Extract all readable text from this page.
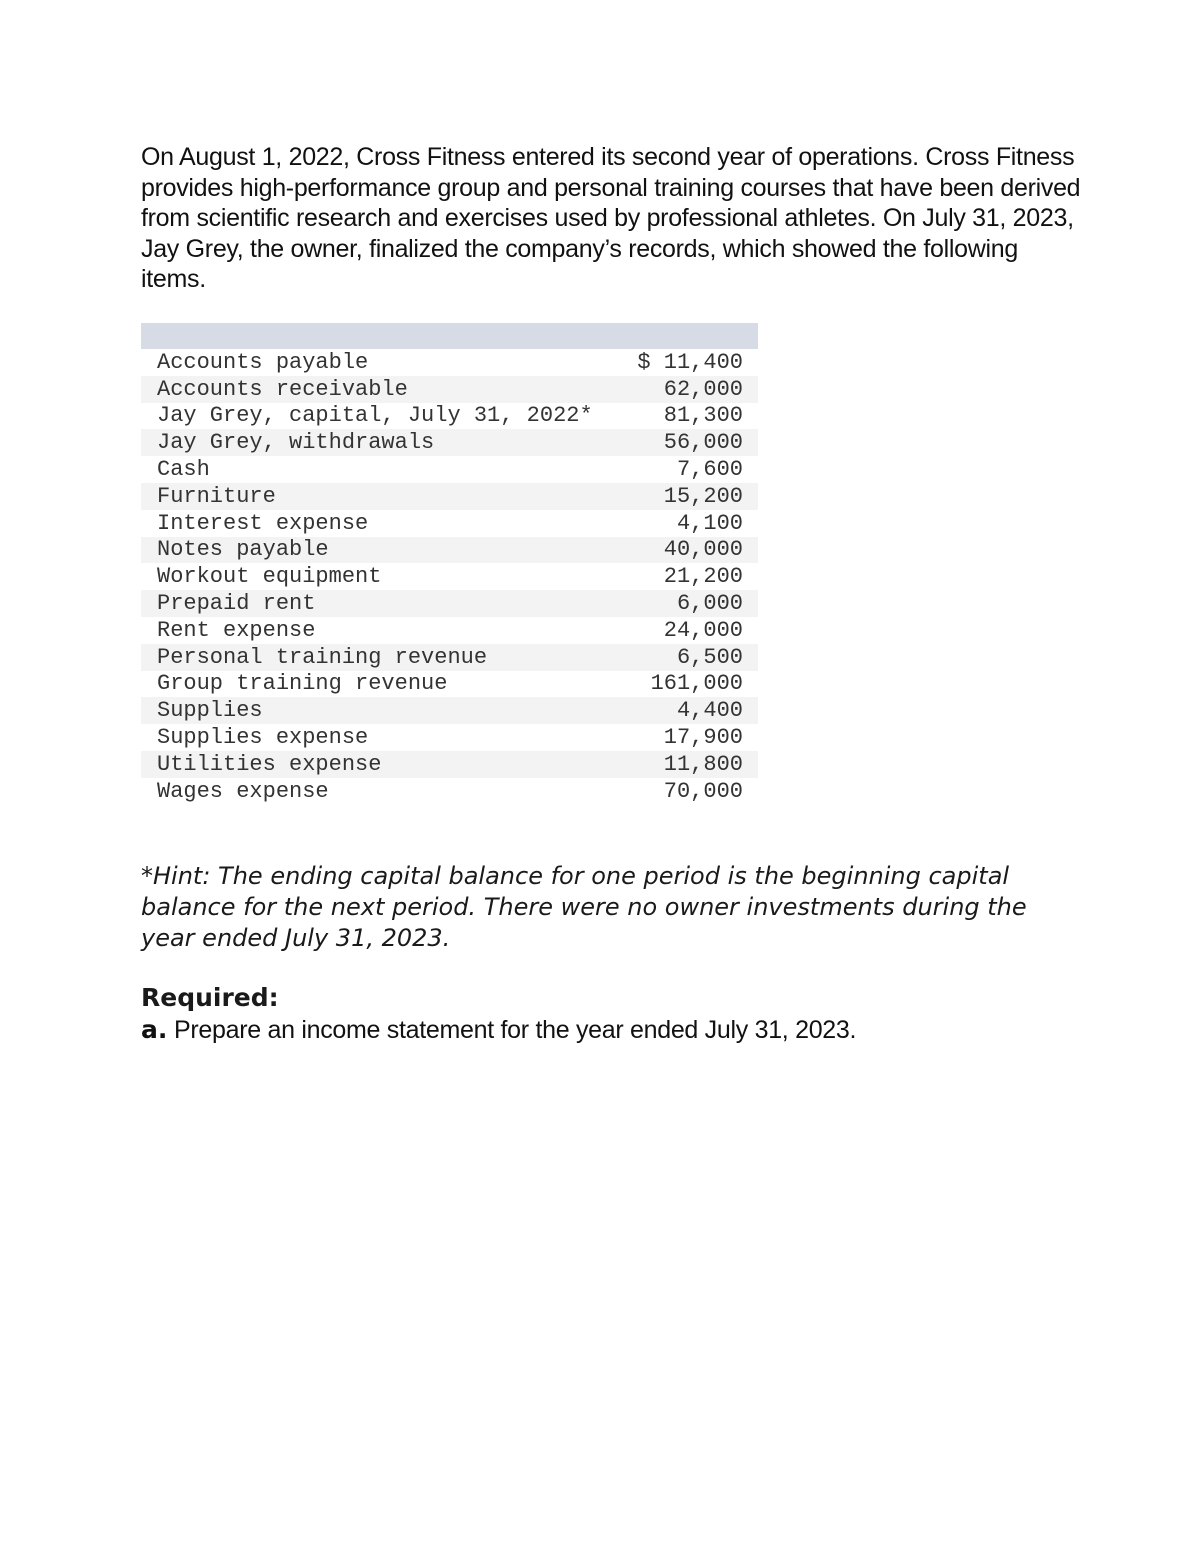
On August 1, 2022, Cross Fitness entered its second year of operations. Cross Fitness provides high-performance group and personal training courses that have been derived from scientific research and exercises used by professional athletes. On July 31, 2023, Jay Grey, the owner, finalized the company’s records, which showed the following items.

Accounts payable	$ 11,400
Accounts receivable	62,000
Jay Grey, capital, July 31, 2022*	81,300
Jay Grey, withdrawals	56,000
Cash	7,600
Furniture	15,200
Interest expense	4,100
Notes payable	40,000
Workout equipment	21,200
Prepaid rent	6,000
Rent expense	24,000
Personal training revenue	6,500
Group training revenue	161,000
Supplies	4,400
Supplies expense	17,900
Utilities expense	11,800
Wages expense	70,000

*Hint: The ending capital balance for one period is the beginning capital balance for the next period. There were no owner investments during the year ended July 31, 2023.

Required:

a. Prepare an income statement for the year ended July 31, 2023.
